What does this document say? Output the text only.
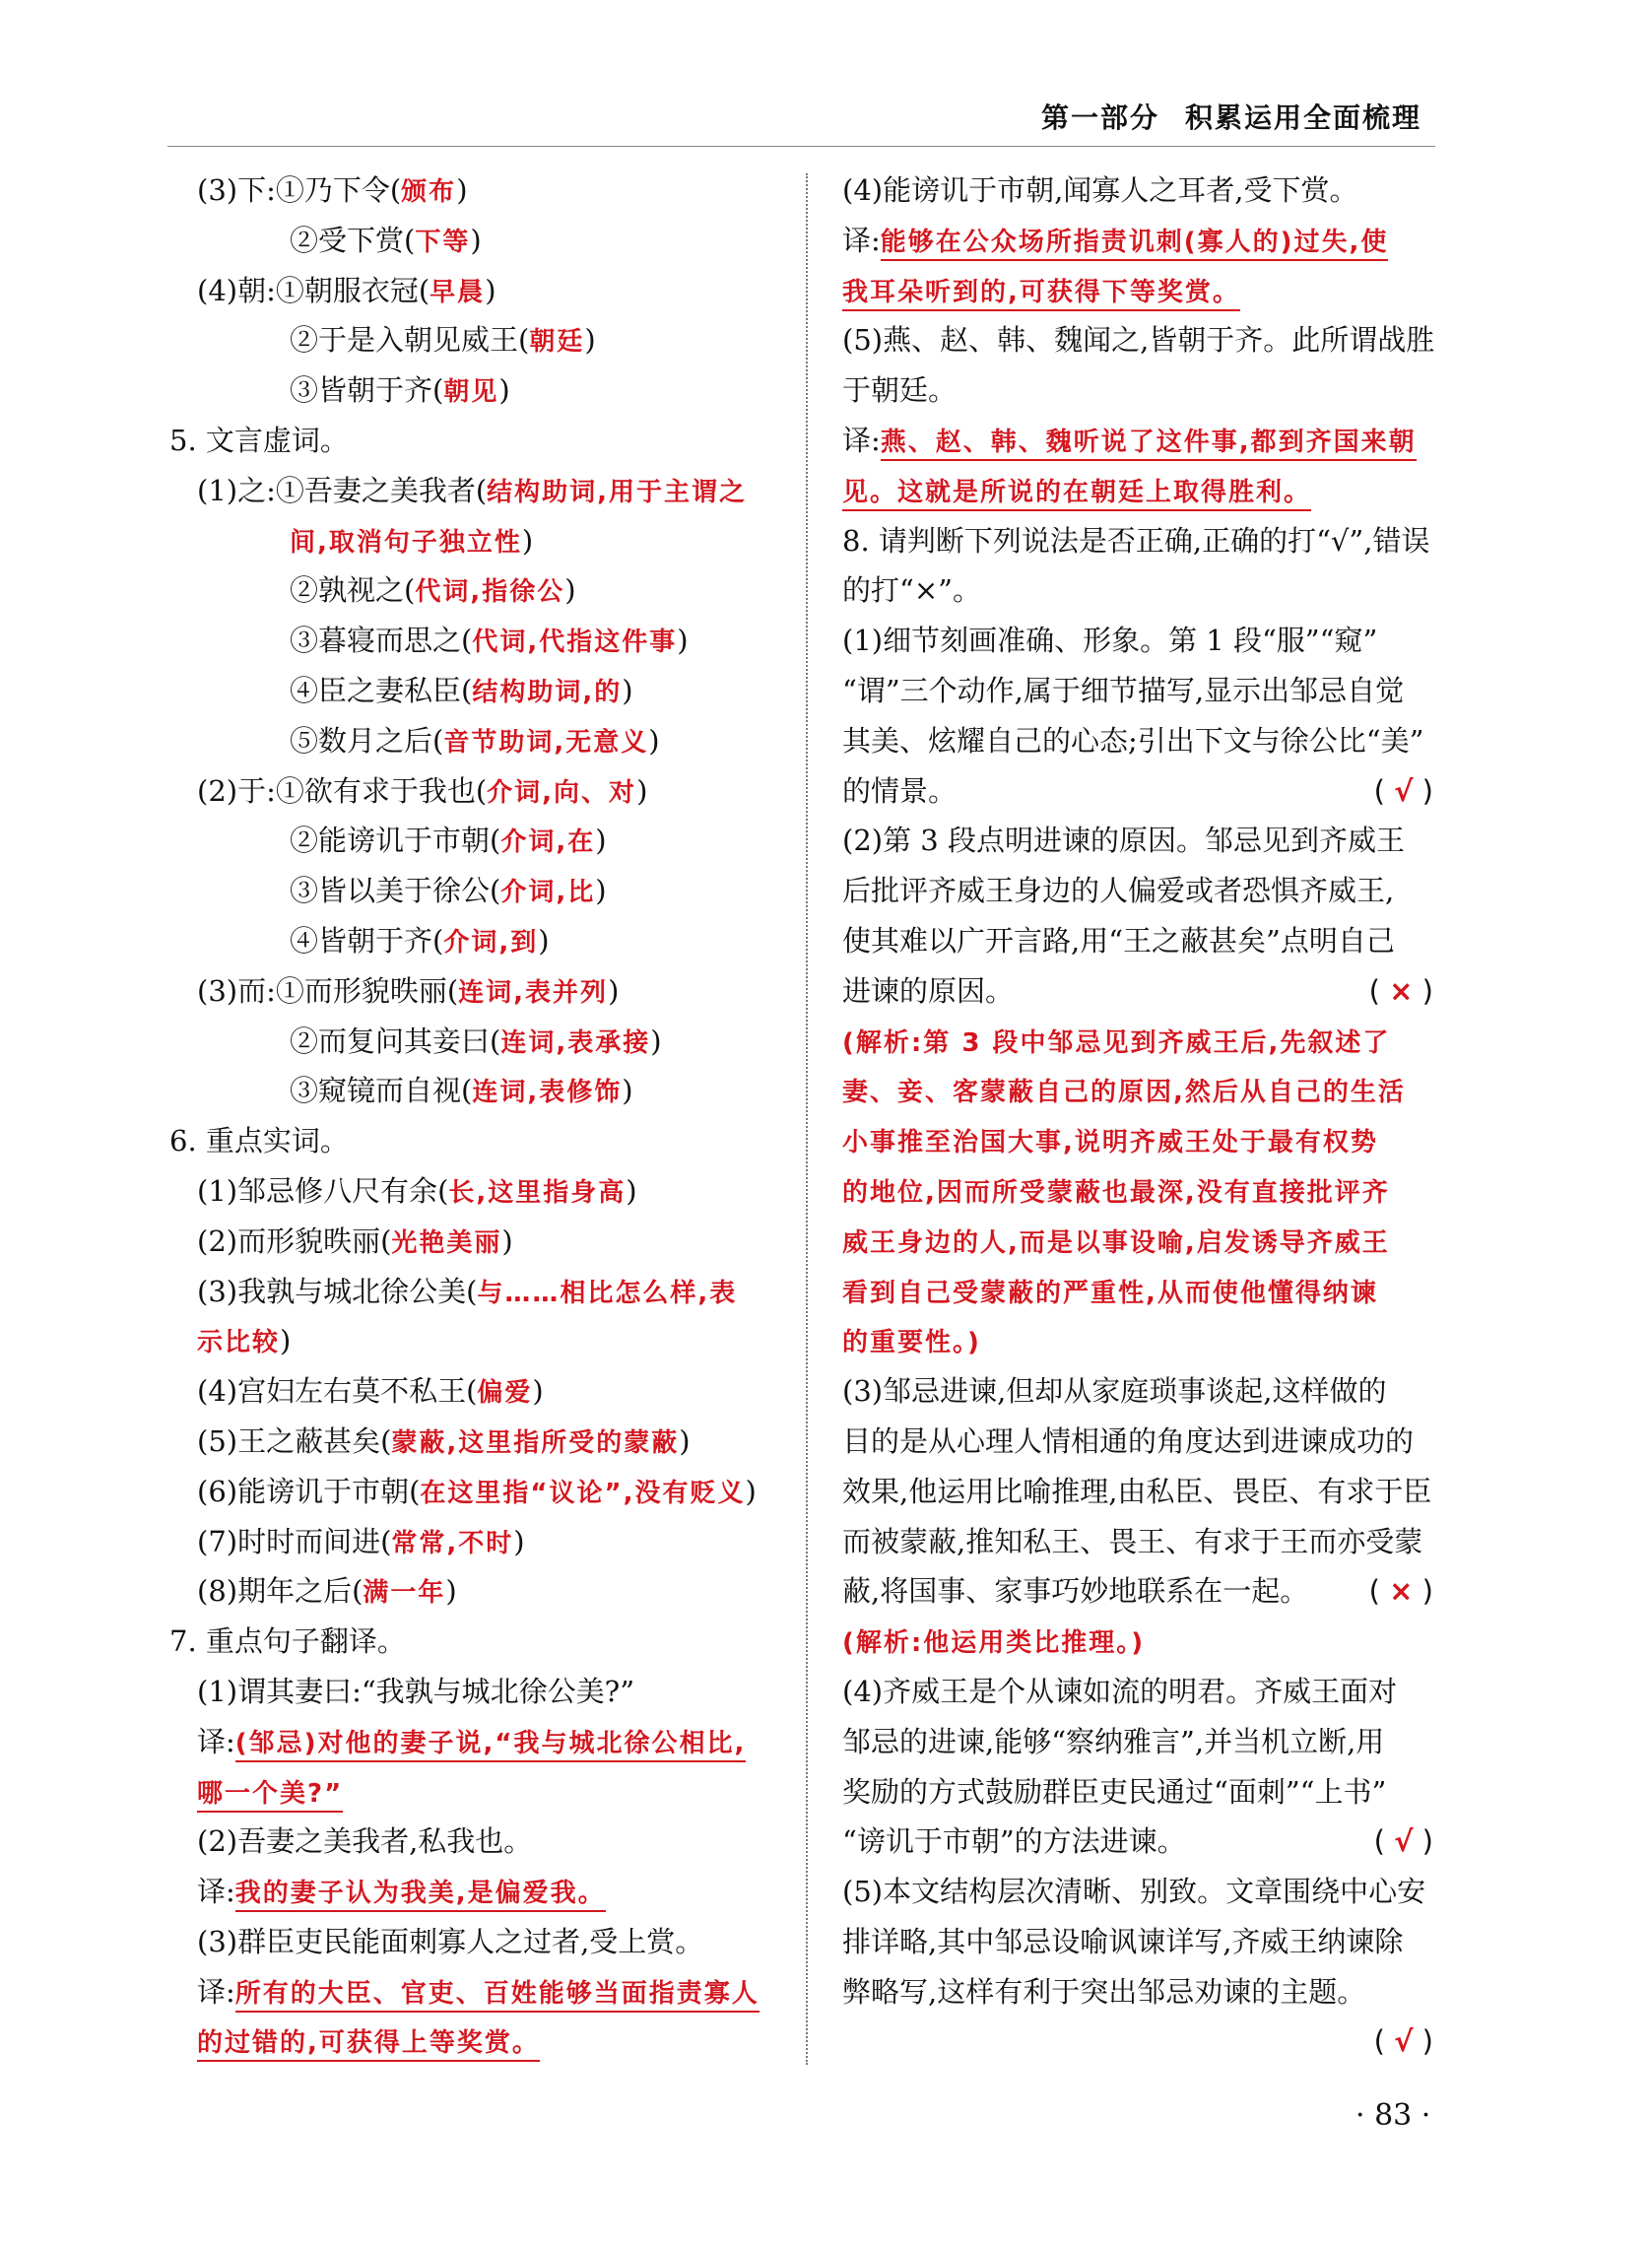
第一部分 积累运用全面梳理
(3)下:①乃下令(颁布)
②受下赏(下等)
(4)朝:①朝服衣冠(早晨)
②于是入朝见威王(朝廷)
③皆朝于齐(朝见)
5. 文言虚词。
(1)之:①吾妻之美我者(结构助词,用于主谓之
间,取消句子独立性)
②孰视之(代词,指徐公)
③暮寝而思之(代词,代指这件事)
④臣之妻私臣(结构助词,的)
⑤数月之后(音节助词,无意义)
(2)于:①欲有求于我也(介词,向、对)
②能谤讥于市朝(介词,在)
③皆以美于徐公(介词,比)
④皆朝于齐(介词,到)
(3)而:①而形貌昳丽(连词,表并列)
②而复问其妾曰(连词,表承接)
③窥镜而自视(连词,表修饰)
6. 重点实词。
(1)邹忌修八尺有余(长,这里指身高)
(2)而形貌昳丽(光艳美丽)
(3)我孰与城北徐公美(与……相比怎么样,表
示比较)
(4)宫妇左右莫不私王(偏爱)
(5)王之蔽甚矣(蒙蔽,这里指所受的蒙蔽)
(6)能谤讥于市朝(在这里指“议论”,没有贬义)
(7)时时而间进(常常,不时)
(8)期年之后(满一年)
7. 重点句子翻译。
(1)谓其妻曰:“我孰与城北徐公美?”
译:(邹忌)对他的妻子说,“我与城北徐公相比,
哪一个美?”
(2)吾妻之美我者,私我也。
译:我的妻子认为我美,是偏爱我。
(3)群臣吏民能面刺寡人之过者,受上赏。
译:所有的大臣、官吏、百姓能够当面指责寡人
的过错的,可获得上等奖赏。
(4)能谤讥于市朝,闻寡人之耳者,受下赏。
译:能够在公众场所指责讥刺(寡人的)过失,使
我耳朵听到的,可获得下等奖赏。
(5)燕、赵、韩、魏闻之,皆朝于齐。此所谓战胜
于朝廷。
译:燕、赵、韩、魏听说了这件事,都到齐国来朝
见。这就是所说的在朝廷上取得胜利。
8. 请判断下列说法是否正确,正确的打“√”,错误
的打“×”。
(1)细节刻画准确、形象。第 1 段“服”“窥”
“谓”三个动作,属于细节描写,显示出邹忌自觉
其美、炫耀自己的心态;引出下文与徐公比“美”
的情景。	( √ )
(2)第 3 段点明进谏的原因。邹忌见到齐威王
后批评齐威王身边的人偏爱或者恐惧齐威王,
使其难以广开言路,用“王之蔽甚矣”点明自己
进谏的原因。	( × )
(解析:第 3 段中邹忌见到齐威王后,先叙述了
妻、妾、客蒙蔽自己的原因,然后从自己的生活
小事推至治国大事,说明齐威王处于最有权势
的地位,因而所受蒙蔽也最深,没有直接批评齐
威王身边的人,而是以事设喻,启发诱导齐威王
看到自己受蒙蔽的严重性,从而使他懂得纳谏
的重要性。)
(3)邹忌进谏,但却从家庭琐事谈起,这样做的
目的是从心理人情相通的角度达到进谏成功的
效果,他运用比喻推理,由私臣、畏臣、有求于臣
而被蒙蔽,推知私王、畏王、有求于王而亦受蒙
蔽,将国事、家事巧妙地联系在一起。 ( × )
(解析:他运用类比推理。)
(4)齐威王是个从谏如流的明君。齐威王面对
邹忌的进谏,能够“察纳雅言”,并当机立断,用
奖励的方式鼓励群臣吏民通过“面刺”“上书”
“谤讥于市朝”的方法进谏。	( √ )
(5)本文结构层次清晰、别致。文章围绕中心安
排详略,其中邹忌设喻讽谏详写,齐威王纳谏除
弊略写,这样有利于突出邹忌劝谏的主题。
( √ )
· 83 ·
